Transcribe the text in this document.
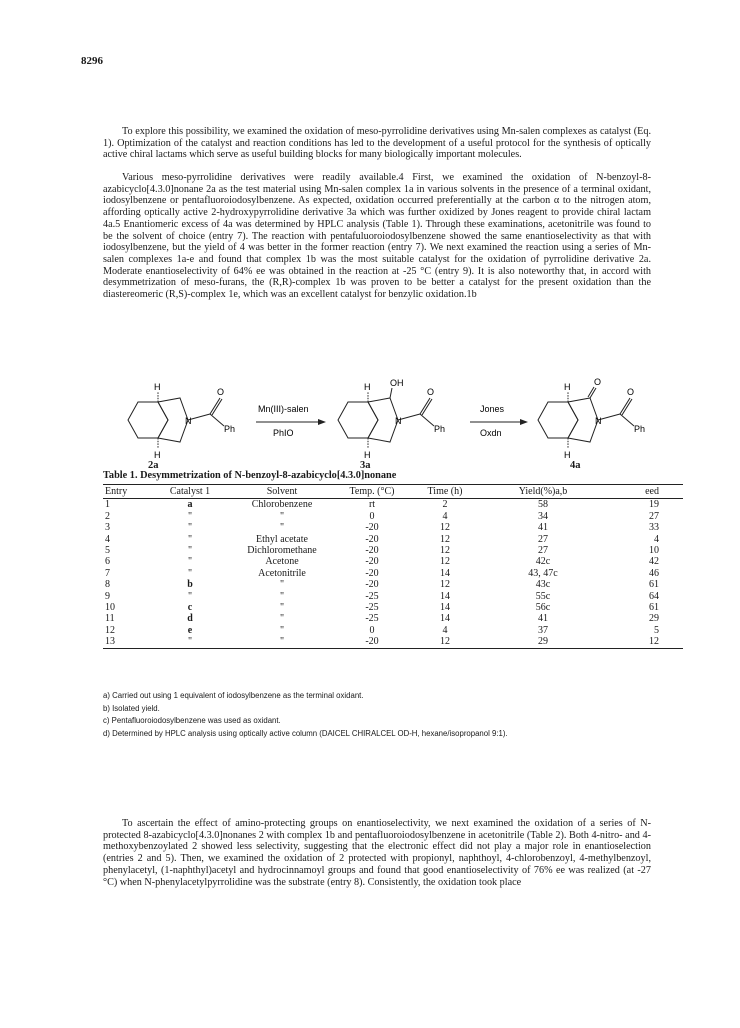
8296

To explore this possibility, we examined the oxidation of meso-pyrrolidine derivatives using Mn-salen complexes as catalyst (Eq. 1). Optimization of the catalyst and reaction conditions has led to the development of a useful protocol for the synthesis of optically active chiral lactams which serve as useful building blocks for many biologically important molecules.

Various meso-pyrrolidine derivatives were readily available.4 First, we examined the oxidation of N-benzoyl-8-azabicyclo[4.3.0]nonane 2a as the test material using Mn-salen complex 1a in various solvents in the presence of a terminal oxidant, iodosylbenzene or pentafluoroiodosylbenzene. As expected, oxidation occurred preferentially at the carbon α to the nitrogen atom, affording optically active 2-hydroxypyrrolidine derivative 3a which was further oxidized by Jones reagent to provide chiral lactam 4a.5 Enantiomeric excess of 4a was determined by HPLC analysis (Table 1). Through these examinations, acetonitrile was found to be the solvent of choice (entry 7). The reaction with pentafuluoroiodosylbenzene showed the same enantioselectivity as that with iodosylbenzene, but the yield of 4 was better in the former reaction (entry 7). We next examined the reaction using a series of Mn-salen complexes 1a-e and found that complex 1b was the most suitable catalyst for the oxidation of pyrrolidine derivative 2a. Moderate enantioselectivity of 64% ee was obtained in the reaction at -25 °C (entry 9). It is also noteworthy that, in accord with desymmetrization of meso-furans, the (R,R)-complex 1b was proven to be better a catalyst for the present oxidation than the diastereomeric (R,S)-complex 1e, which was an excellent catalyst for benzylic oxidation.1b

H
H
N
O
Ph
Mn(III)-salen
PhIO
H
H
OH
N
O
Ph
Jones
Oxdn
H
H
O
N
O
Ph
2a	3a	4a
Table 1. Desymmetrization of N-benzoyl-8-azabicyclo[4.3.0]nonane
Entry	Catalyst 1	Solvent	Temp. (°C)	Time (h)	Yield(%)a,b	eed
1	a	Chlorobenzene	rt	2	58	19
2	"	"	0	4	34	27
3	"	"	-20	12	41	33
4	"	Ethyl acetate	-20	12	27	4
5	"	Dichloromethane	-20	12	27	10
6	"	Acetone	-20	12	42c	42
7	"	Acetonitrile	-20	14	43, 47c	46
8	b	"	-20	12	43c	61
9	"	"	-25	14	55c	64
10	c	"	-25	14	56c	61
11	d	"	-25	14	41	29
12	e	"	0	4	37	5
13	"	"	-20	12	29	12
a) Carried out using 1 equivalent of iodosylbenzene as the terminal oxidant.
b) Isolated yield.
c) Pentafluoroiodosylbenzene was used as oxidant.
d) Determined by HPLC analysis using optically active column (DAICEL CHIRALCEL OD-H, hexane/isopropanol 9:1).

To ascertain the effect of amino-protecting groups on enantioselectivity, we next examined the oxidation of a series of N-protected 8-azabicyclo[4.3.0]nonanes 2 with complex 1b and pentafluoroiodosylbenzene in acetonitrile (Table 2). Both 4-nitro- and 4-methoxybenzoylated 2 showed less selectivity, suggesting that the electronic effect did not play a major role in enantioselection (entries 2 and 5). Then, we examined the oxidation of 2 protected with propionyl, naphthoyl, 4-chlorobenzoyl, 4-methylbenzoyl, phenylacetyl, (1-naphthyl)acetyl and hydrocinnamoyl groups and found that good enantioselectivity of 76% ee was realized (at -27 °C) when N-phenylacetylpyrrolidine was the substrate (entry 8). Consistently, the oxidation took place
